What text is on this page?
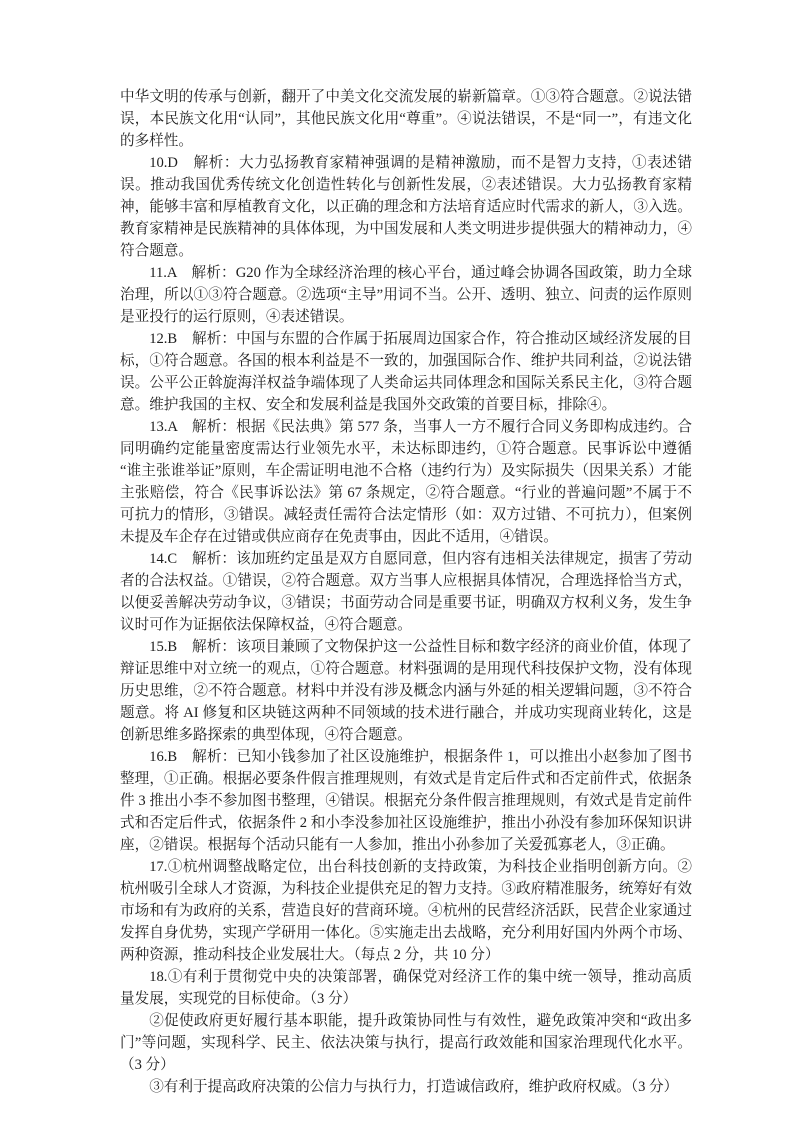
中华文明的传承与创新，翻开了中美文化交流发展的崭新篇章。①③符合题意。②说法错误，本民族文化用“认同”，其他民族文化用“尊重”。④说法错误，不是“同一”，有违文化的多样性。

10.D　解析：大力弘扬教育家精神强调的是精神激励，而不是智力支持，①表述错误。推动我国优秀传统文化创造性转化与创新性发展，②表述错误。大力弘扬教育家精神，能够丰富和厚植教育文化，以正确的理念和方法培育适应时代需求的新人，③入选。教育家精神是民族精神的具体体现，为中国发展和人类文明进步提供强大的精神动力，④符合题意。

11.A　解析：G20 作为全球经济治理的核心平台，通过峰会协调各国政策，助力全球治理，所以①③符合题意。②选项“主导”用词不当。公开、透明、独立、问责的运作原则是亚投行的运行原则，④表述错误。

12.B　解析：中国与东盟的合作属于拓展周边国家合作，符合推动区域经济发展的目标，①符合题意。各国的根本利益是不一致的，加强国际合作、维护共同利益，②说法错误。公平公正斡旋海洋权益争端体现了人类命运共同体理念和国际关系民主化，③符合题意。维护我国的主权、安全和发展利益是我国外交政策的首要目标，排除④。

13.A　解析：根据《民法典》第 577 条，当事人一方不履行合同义务即构成违约。合同明确约定能量密度需达行业领先水平，未达标即违约，①符合题意。民事诉讼中遵循“谁主张谁举证”原则，车企需证明电池不合格（违约行为）及实际损失（因果关系）才能主张赔偿，符合《民事诉讼法》第 67 条规定，②符合题意。“行业的普遍问题”不属于不可抗力的情形，③错误。减轻责任需符合法定情形（如：双方过错、不可抗力），但案例未提及车企存在过错或供应商存在免责事由，因此不适用，④错误。

14.C　解析：该加班约定虽是双方自愿同意，但内容有违相关法律规定，损害了劳动者的合法权益。①错误，②符合题意。双方当事人应根据具体情况，合理选择恰当方式，以便妥善解决劳动争议，③错误；书面劳动合同是重要书证，明确双方权利义务，发生争议时可作为证据依法保障权益，④符合题意。

15.B　解析：该项目兼顾了文物保护这一公益性目标和数字经济的商业价值，体现了辩证思维中对立统一的观点，①符合题意。材料强调的是用现代科技保护文物，没有体现历史思维，②不符合题意。材料中并没有涉及概念内涵与外延的相关逻辑问题，③不符合题意。将 AI 修复和区块链这两种不同领域的技术进行融合，并成功实现商业转化，这是创新思维多路探索的典型体现，④符合题意。

16.B　解析：已知小钱参加了社区设施维护，根据条件 1，可以推出小赵参加了图书整理，①正确。根据必要条件假言推理规则，有效式是肯定后件式和否定前件式，依据条件 3 推出小李不参加图书整理，④错误。根据充分条件假言推理规则，有效式是肯定前件式和否定后件式，依据条件 2 和小李没参加社区设施维护，推出小孙没有参加环保知识讲座，②错误。根据每个活动只能有一人参加，推出小孙参加了关爱孤寡老人，③正确。

17.①杭州调整战略定位，出台科技创新的支持政策，为科技企业指明创新方向。②杭州吸引全球人才资源，为科技企业提供充足的智力支持。③政府精准服务，统筹好有效市场和有为政府的关系，营造良好的营商环境。④杭州的民营经济活跃，民营企业家通过发挥自身优势，实现产学研用一体化。⑤实施走出去战略，充分利用好国内外两个市场、两种资源，推动科技企业发展壮大。（每点 2 分，共 10 分）

18.①有利于贯彻党中央的决策部署，确保党对经济工作的集中统一领导，推动高质量发展，实现党的目标使命。（3 分）

②促使政府更好履行基本职能，提升政策协同性与有效性，避免政策冲突和“政出多门”等问题，实现科学、民主、依法决策与执行，提高行政效能和国家治理现代化水平。（3 分）

③有利于提高政府决策的公信力与执行力，打造诚信政府，维护政府权威。（3 分）
